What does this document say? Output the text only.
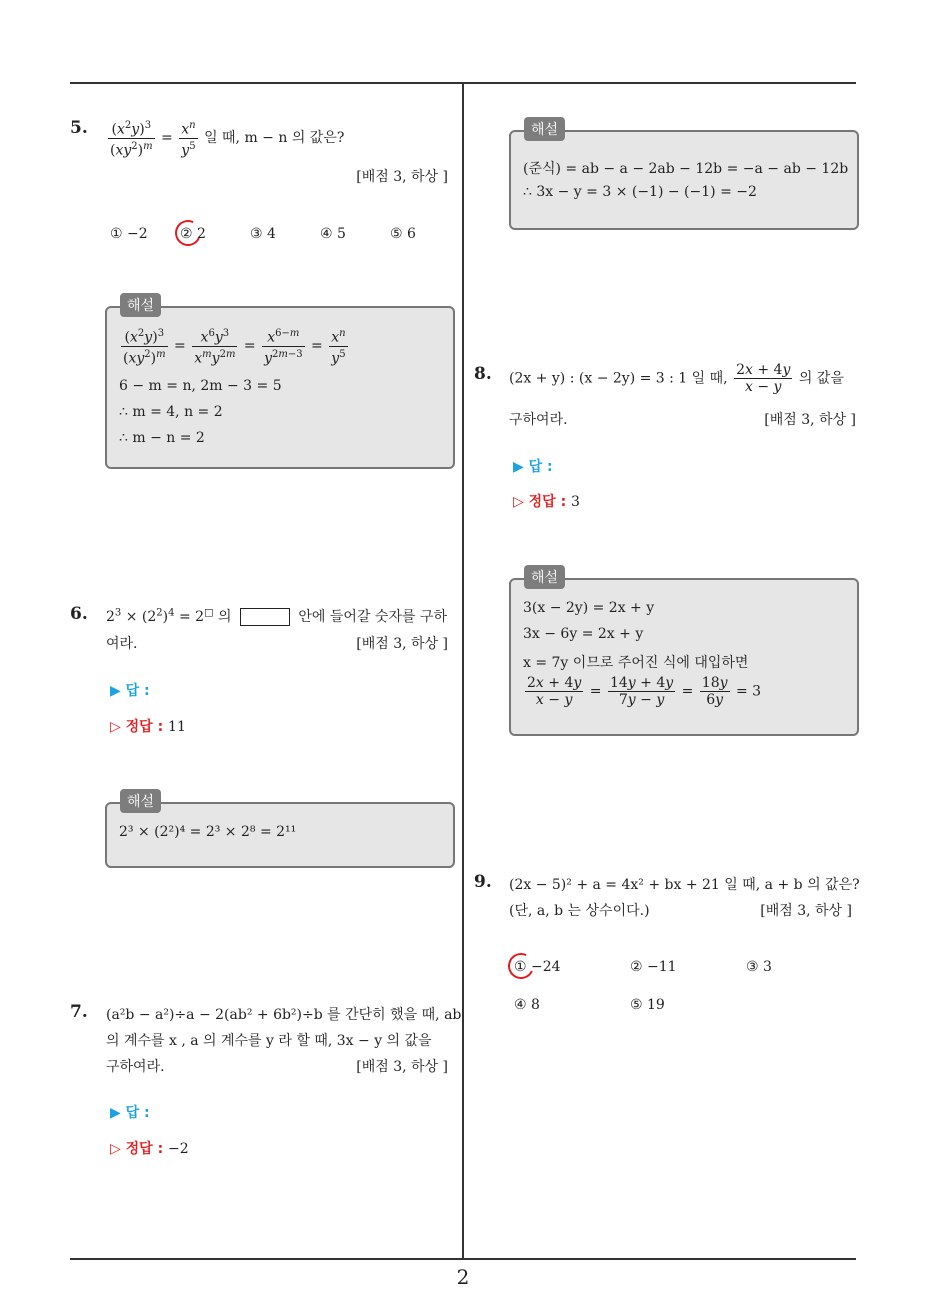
2
5. $\frac{(x^2y)^3}{(xy^2)^m} = \frac{x^n}{y^5}$ 일 때, m − n 의 값은?
[배점 3, 하상 ]
① −2 ② 2	③ 4	④ 5	⑤ 6
$\frac{(x^2y)^3}{(xy^2)^m} = \frac{x^6y^3}{x^my^{2m}} = \frac{x^{6-m}}{y^{2m-3}} = \frac{x^n}{y^5}$
6 − m = n, 2m − 3 = 5
∴ m = 4, n = 2
∴ m − n = 2
해설
6. $2^3 \times (2^2)^4 = 2^□$ 의	안에 들어갈 숫자를 구하
여라.	[배점 3, 하상 ]
▶ 답 :
▷ 정답 : 11
2³ × (2²)⁴ = 2³ × 2⁸ = 2¹¹
해설
7. (a²b − a²)÷a − 2(ab² + 6b²)÷b 를 간단히 했을 때, ab
의 계수를 x , a 의 계수를 y 라 할 때, 3x − y 의 값을
구하여라.	[배점 3, 하상 ]
▶ 답 :
▷ 정답 : −2
(준식) = ab − a − 2ab − 12b = −a − ab − 12b
∴ 3x − y = 3 × (−1) − (−1) = −2
해설
8. (2x + y) : (x − 2y) = 3 : 1 일 때, $\frac{2x + 4y}{x - y}$ 의 값을
구하여라.	[배점 3, 하상 ]
▶ 답 :
▷ 정답 : 3
3(x − 2y) = 2x + y
3x − 6y = 2x + y
x = 7y 이므로 주어진 식에 대입하면
$\frac{2x + 4y}{x - y} = \frac{14y + 4y}{7y - y} = \frac{18y}{6y} = 3$
해설
9. (2x − 5)² + a = 4x² + bx + 21 일 때, a + b 의 값은?
(단, a, b 는 상수이다.)	[배점 3, 하상 ]
① −24	② −11	③ 3
④ 8	⑤ 19
